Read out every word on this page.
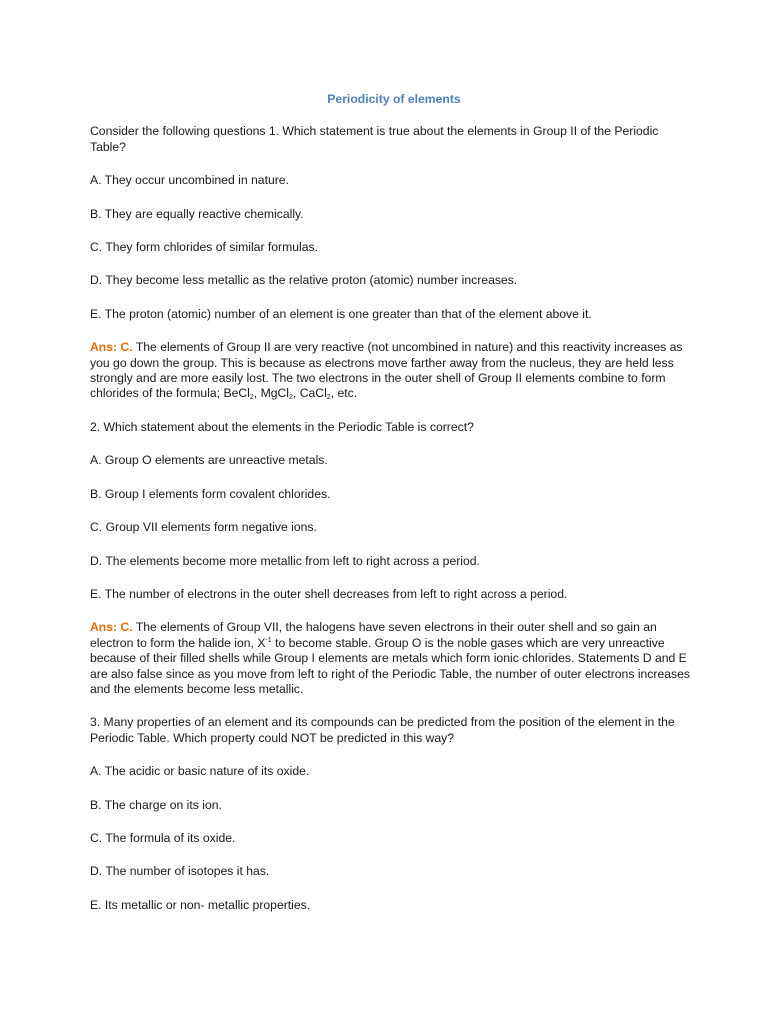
Periodicity of elements
Consider the following questions 1. Which statement is true about the elements in Group II of the Periodic Table?
A. They occur uncombined in nature.
B. They are equally reactive chemically.
C. They form chlorides of similar formulas.
D. They become less metallic as the relative proton (atomic) number increases.
E. The proton (atomic) number of an element is one greater than that of the element above it.
Ans: C. The elements of Group II are very reactive (not uncombined in nature) and this reactivity increases as you go down the group. This is because as electrons move farther away from the nucleus, they are held less strongly and are more easily lost. The two electrons in the outer shell of Group II elements combine to form chlorides of the formula; BeCl$_2$, MgCl$_2$, CaCl$_2$, etc.
2. Which statement about the elements in the Periodic Table is correct?
A. Group O elements are unreactive metals.
B. Group I elements form covalent chlorides.
C. Group VII elements form negative ions.
D. The elements become more metallic from left to right across a period.
E. The number of electrons in the outer shell decreases from left to right across a period.
Ans: C. The elements of Group VII, the halogens have seven electrons in their outer shell and so gain an electron to form the halide ion, $X^{-1}$ to become stable. Group O is the noble gases which are very unreactive because of their filled shells while Group I elements are metals which form ionic chlorides. Statements D and E are also false since as you move from left to right of the Periodic Table, the number of outer electrons increases and the elements become less metallic.
3. Many properties of an element and its compounds can be predicted from the position of the element in the Periodic Table. Which property could NOT be predicted in this way?
A. The acidic or basic nature of its oxide.
B. The charge on its ion.
C. The formula of its oxide.
D. The number of isotopes it has.
E. Its metallic or non- metallic properties.
